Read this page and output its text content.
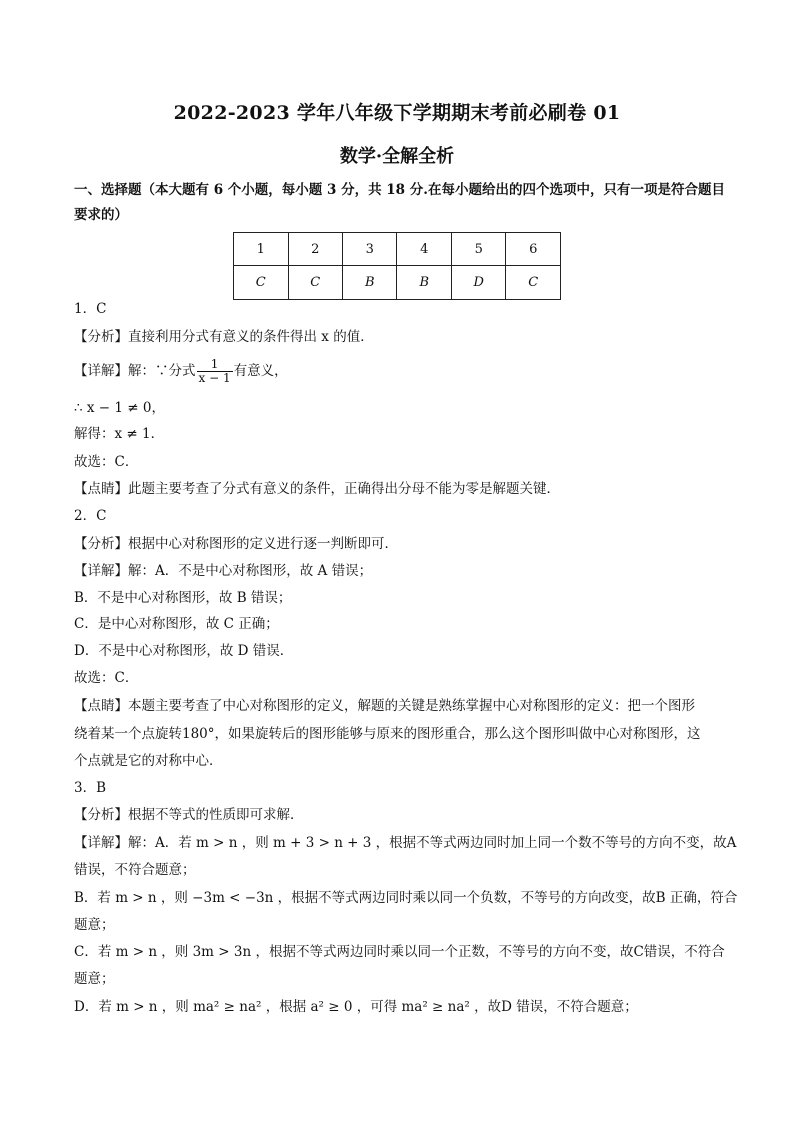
2022-2023 学年八年级下学期期末考前必刷卷 01
数学·全解全析
一、选择题（本大题有 6 个小题，每小题 3 分，共 18 分.在每小题给出的四个选项中，只有一项是符合题目
要求的）
1	2	3	4	5	6
C	C	B	B	D	C
1．C
【分析】直接利用分式有意义的条件得出 x 的值．
【详解】解：∵分式 $\frac{1}{x - 1}$ 有意义，
∴ x − 1 ≠ 0，
解得：x ≠ 1．
故选：C．
【点睛】此题主要考查了分式有意义的条件，正确得出分母不能为零是解题关键．
2．C
【分析】根据中心对称图形的定义进行逐一判断即可．
【详解】解：A．不是中心对称图形，故 A 错误；
B．不是中心对称图形，故 B 错误；
C．是中心对称图形，故 C 正确；
D．不是中心对称图形，故 D 错误．
故选：C．
【点睛】本题主要考查了中心对称图形的定义，解题的关键是熟练掌握中心对称图形的定义：把一个图形
绕着某一个点旋转180°，如果旋转后的图形能够与原来的图形重合，那么这个图形叫做中心对称图形，这
个点就是它的对称中心．
3．B
【分析】根据不等式的性质即可求解．
【详解】解：A．若 m > n ，则 m + 3 > n + 3 ，根据不等式两边同时加上同一个数不等号的方向不变，故A
错误，不符合题意；
B．若 m > n ，则 −3m < −3n ，根据不等式两边同时乘以同一个负数，不等号的方向改变，故B 正确，符合
题意；
C．若 m > n ，则 3m > 3n ，根据不等式两边同时乘以同一个正数，不等号的方向不变，故C错误，不符合
题意；
D．若 m > n ，则 ma² ≥ na² ，根据 a² ≥ 0 ，可得 ma² ≥ na² ，故D 错误，不符合题意；
